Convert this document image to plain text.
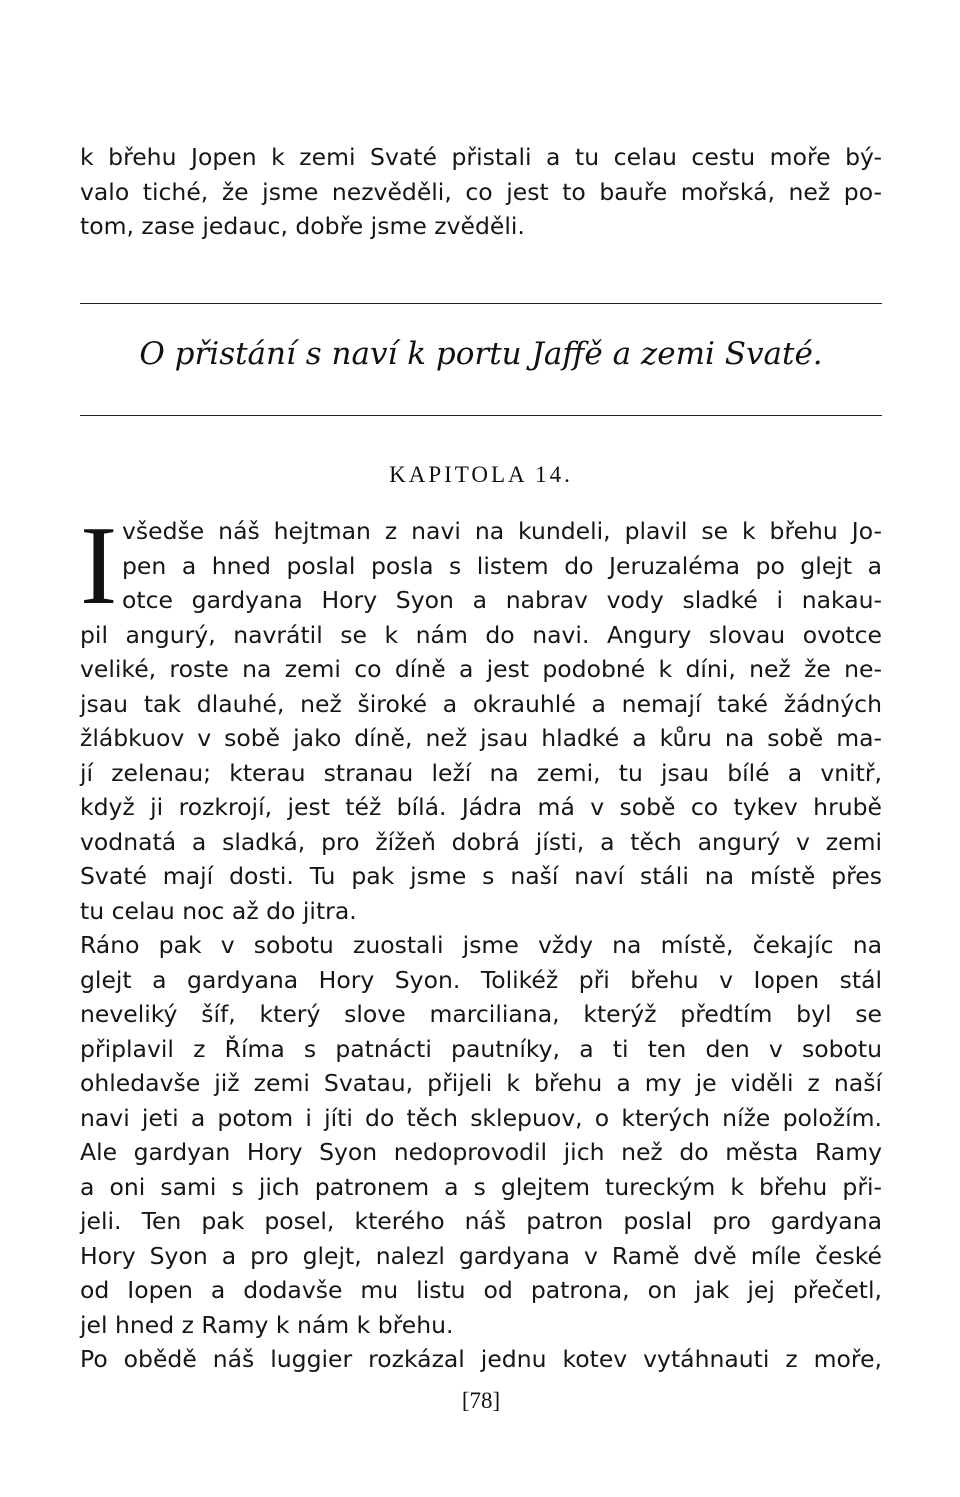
k břehu Jopen k zemi Svaté přistali a tu celau cestu moře bý-
valo tiché, že jsme nezvěděli, co jest to bauře mořská, než po-
tom, zase jedauc, dobře jsme zvěděli.
O přistání s naví k portu Jaffě a zemi Svaté.
KAPITOLA 14.
I všedše náš hejtman z navi na kundeli, plavil se k břehu Jo-
pen a hned poslal posla s listem do Jeruzaléma po glejt a
otce gardyana Hory Syon a nabrav vody sladké i nakau-
pil angurý, navrátil se k nám do navi. Angury slovau ovotce
veliké, roste na zemi co díně a jest podobné k díni, než že ne-
jsau tak dlauhé, než široké a okrauhlé a nemají také žádných
žlábkuov v sobě jako díně, než jsau hladké a kůru na sobě ma-
jí zelenau; kterau stranau leží na zemi, tu jsau bílé a vnitř,
když ji rozkrojí, jest též bílá. Jádra má v sobě co tykev hrubě
vodnatá a sladká, pro žížeň dobrá jísti, a těch angurý v zemi
Svaté mají dosti. Tu pak jsme s naší naví stáli na místě přes
tu celau noc až do jitra.
Ráno pak v sobotu zuostali jsme vždy na místě, čekajíc na
glejt a gardyana Hory Syon. Tolikéž při břehu v Iopen stál
neveliký šíf, který slove marciliana, kterýž předtím byl se
připlavil z Říma s patnácti pautníky, a ti ten den v sobotu
ohledavše již zemi Svatau, přijeli k břehu a my je viděli z naší
navi jeti a potom i jíti do těch sklepuov, o kterých níže položím.
Ale gardyan Hory Syon nedoprovodil jich než do města Ramy
a oni sami s jich patronem a s glejtem tureckým k břehu při-
jeli. Ten pak posel, kterého náš patron poslal pro gardyana
Hory Syon a pro glejt, nalezl gardyana v Ramě dvě míle české
od Iopen a dodavše mu listu od patrona, on jak jej přečetl,
jel hned z Ramy k nám k břehu.
Po obědě náš luggier rozkázal jednu kotev vytáhnauti z moře,
[78]
